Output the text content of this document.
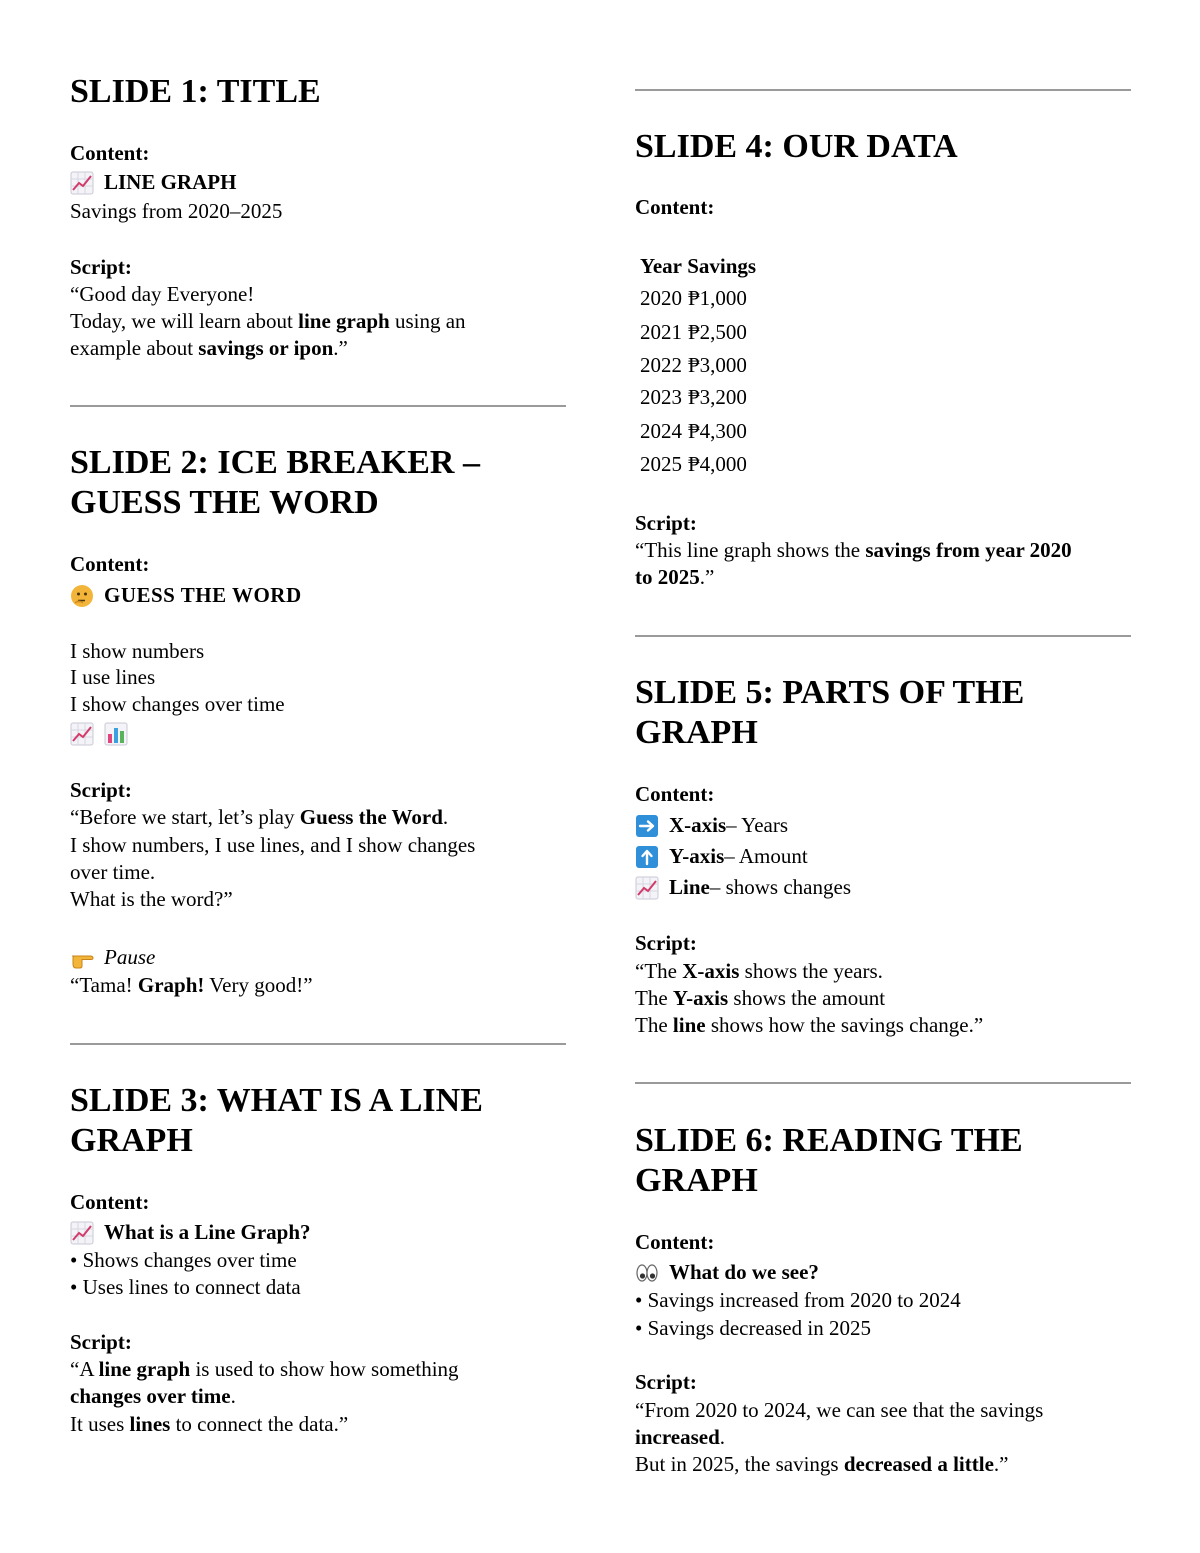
SLIDE 1: TITLE
Content:
LINE GRAPH
Savings from 2020–2025
Script:
“Good day Everyone!
Today, we will learn about line graph using an
example about savings or ipon.”
SLIDE 2: ICE BREAKER – GUESS THE WORD
Content:
GUESS THE WORD
I show numbers
I use lines
I show changes over time
Script:
“Before we start, let’s play Guess the Word.
I show numbers, I use lines, and I show changes
over time.
What is the word?”
Pause
“Tama! Graph! Very good!”
SLIDE 3: WHAT IS A LINE GRAPH
Content:
What is a Line Graph?
• Shows changes over time
• Uses lines to connect data
Script:
“A line graph is used to show how something
changes over time.
It uses lines to connect the data.”
SLIDE 4: OUR DATA
Content:
Year Savings
2020 ₱1,000
2021 ₱2,500
2022 ₱3,000
2023 ₱3,200
2024 ₱4,300
2025 ₱4,000
Script:
“This line graph shows the savings from year 2020
to 2025.”
SLIDE 5: PARTS OF THE GRAPH
Content:
X-axis – Years
Y-axis – Amount
Line – shows changes
Script:
“The X-axis shows the years.
The Y-axis shows the amount
The line shows how the savings change.”
SLIDE 6: READING THE GRAPH
Content:
What do we see?
• Savings increased from 2020 to 2024
• Savings decreased in 2025
Script:
“From 2020 to 2024, we can see that the savings
increased.
But in 2025, the savings decreased a little.”
